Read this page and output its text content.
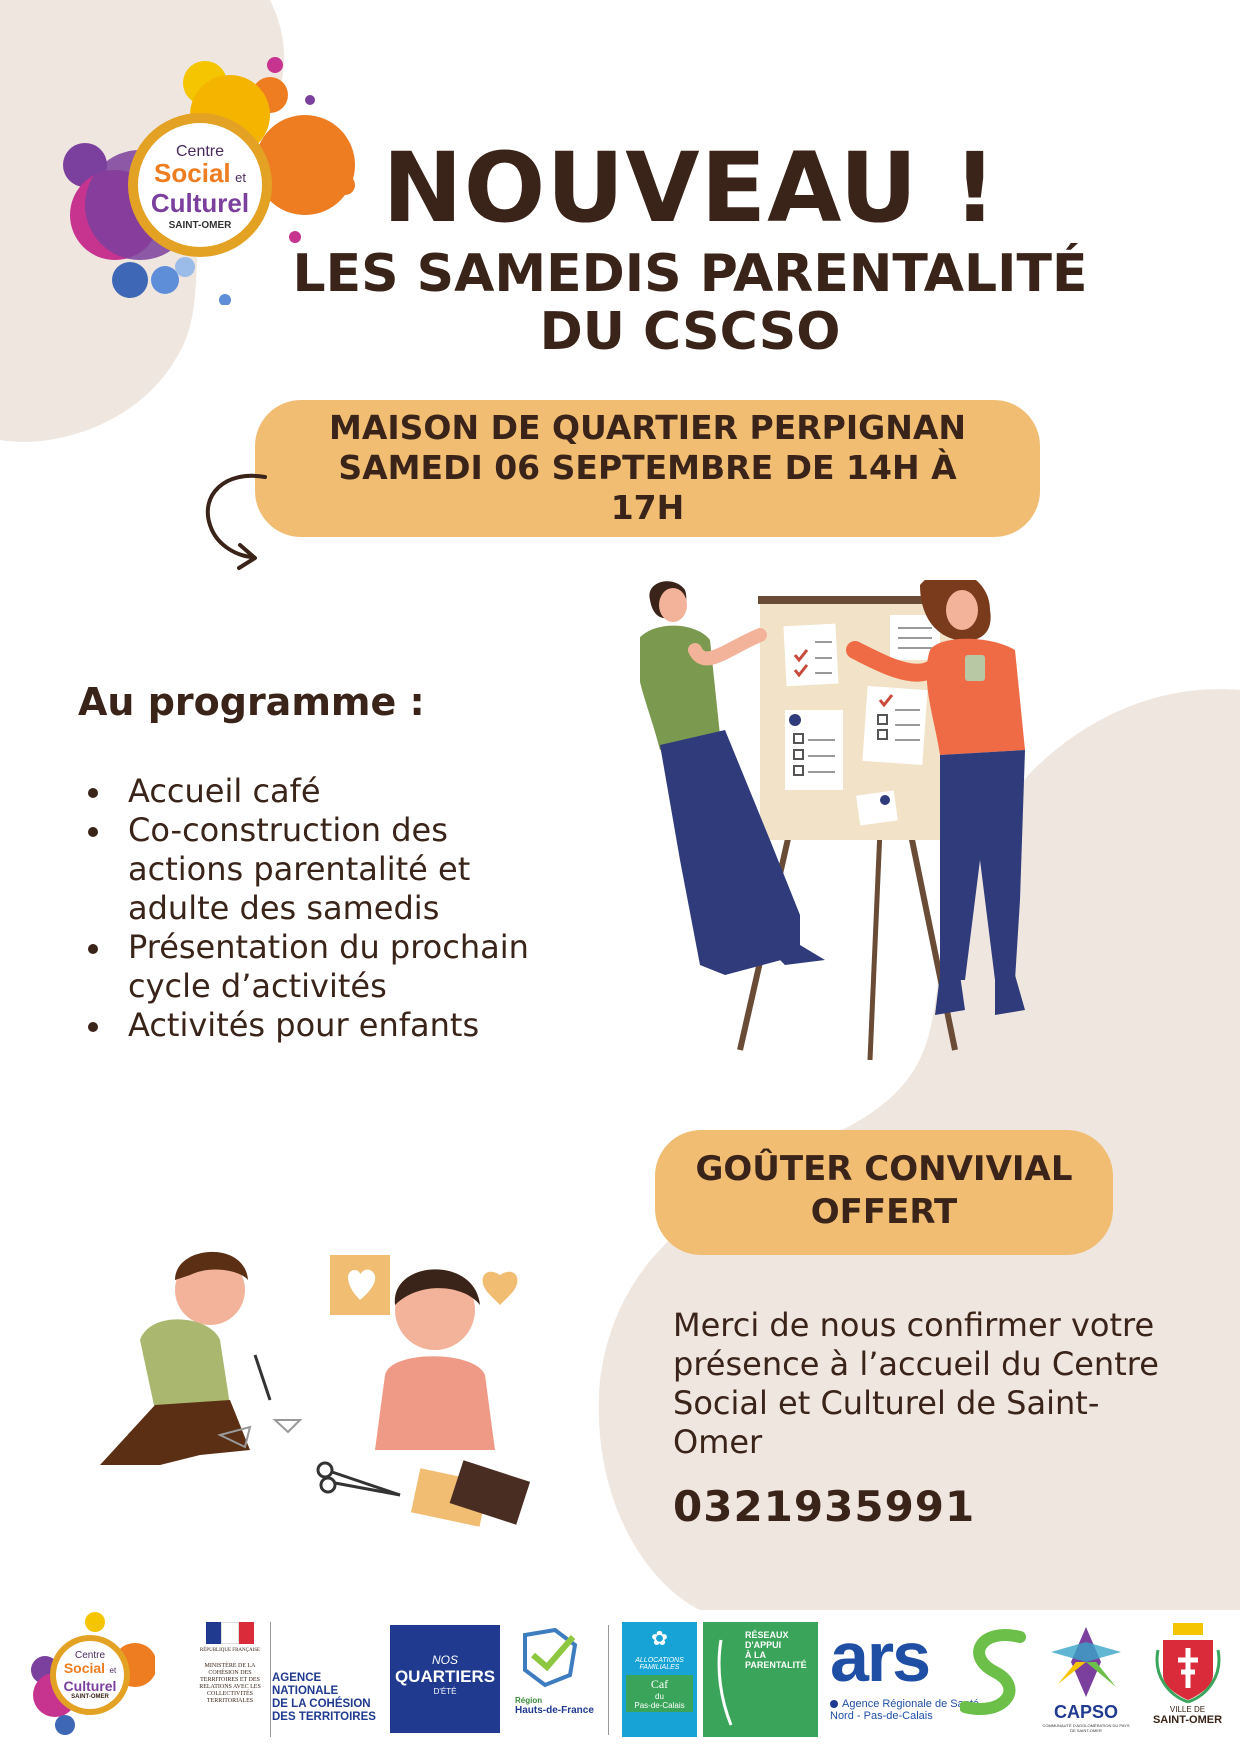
Centre
Social et
Culturel
SAINT-OMER	NOUVEAU !
LES SAMEDIS PARENTALITÉ
DU CSCSO
MAISON DE QUARTIER PERPIGNAN
SAMEDI 06 SEPTEMBRE DE 14H À
17H
Au programme :
Accueil café
Co-construction des actions parentalité et adulte des samedis
Présentation du prochain cycle d’activités
Activités pour enfants
GOÛTER CONVIVIAL
OFFERT
Merci de nous confirmer votre présence à l’accueil du Centre Social et Culturel de Saint-Omer
0321935991
Centre
Social et
Culturel
SAINT-OMER
RÉPUBLIQUE FRANÇAISE
MINISTÈRE DE LA COHÉSION DES TERRITOIRES ET DES RELATIONS AVEC LES COLLECTIVITÉS TERRITORIALES
AGENCE
NATIONALE
DE LA COHÉSION
DES TERRITOIRES
NOS
QUARTIERS
D'ÉTÉ
Région
Hauts-de-France
✿
ALLOCATIONS
FAMILIALES
Caf
du
Pas-de-Calais
RÉSEAUX
D'APPUI
À LA
PARENTALITÉ ars
Agence Régionale de Santé
Nord - Pas-de-Calais	CAPSO
COMMUNAUTÉ D'AGGLOMÉRATION DU PAYS DE SAINT-OMER
VILLE DE
SAINT-OMER
